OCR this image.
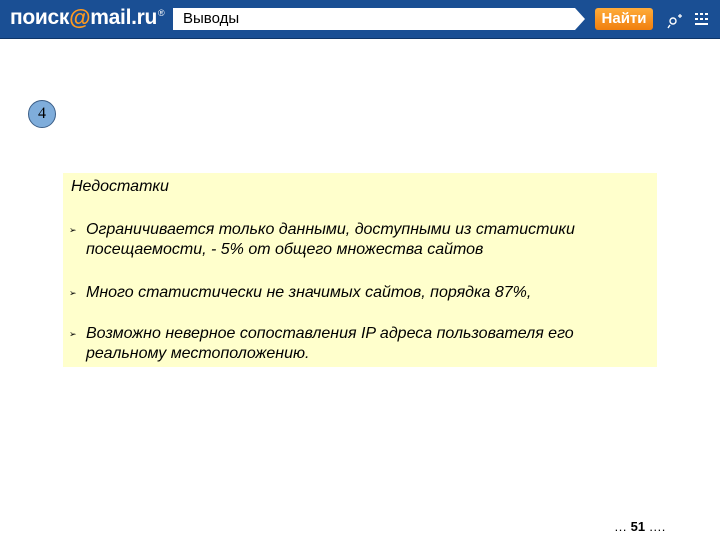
поиск @ mail.ru ®
Выводы	Найти
4
Недостатки
➢ Ограничивается только данными, доступными из статистики посещаемости, - 5% от общего множества сайтов
➢ Много статистически не значимых сайтов, порядка 87%,
➢ Возможно неверное сопоставления IP адреса пользователя его реальному местоположению.
… 51 ….
